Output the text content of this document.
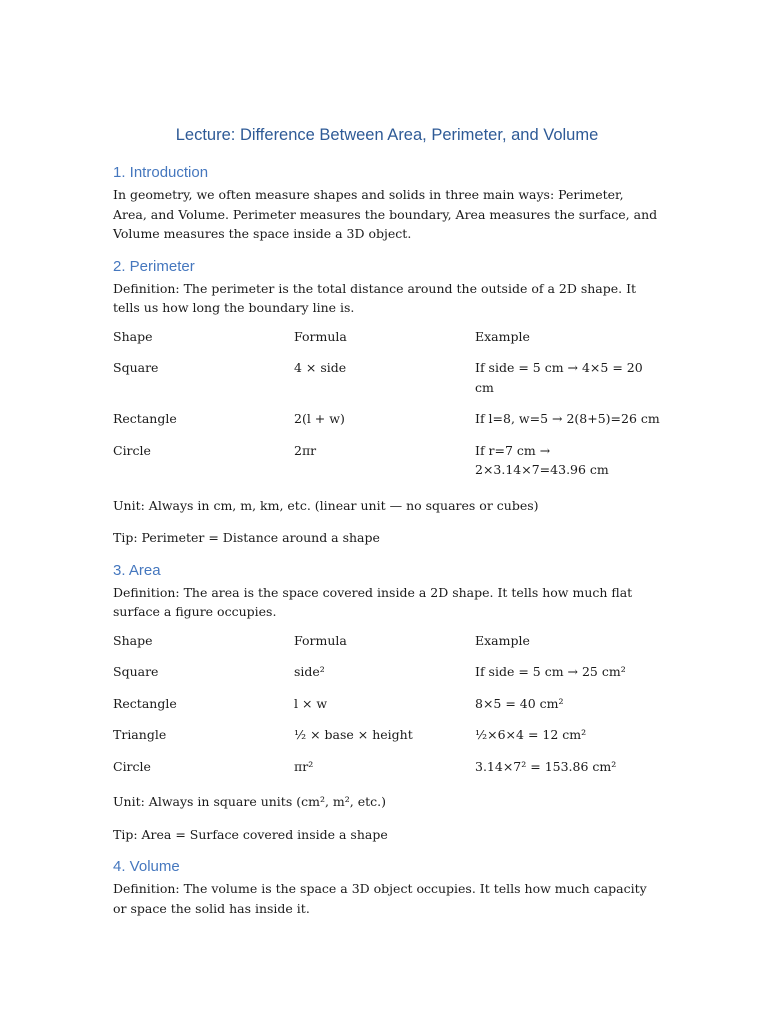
Lecture: Difference Between Area, Perimeter, and Volume
1. Introduction

In geometry, we often measure shapes and solids in three main ways: Perimeter, Area, and Volume. Perimeter measures the boundary, Area measures the surface, and Volume measures the space inside a 3D object.

2. Perimeter

Definition: The perimeter is the total distance around the outside of a 2D shape. It tells us how long the boundary line is.

Shape	Formula	Example
Square	4 × side	If side = 5 cm → 4×5 = 20 cm
Rectangle	2(l + w)	If l=8, w=5 → 2(8+5)=26 cm
Circle	2πr	If r=7 cm → 2×3.14×7=43.96 cm

Unit: Always in cm, m, km, etc. (linear unit — no squares or cubes)

Tip: Perimeter = Distance around a shape

3. Area

Definition: The area is the space covered inside a 2D shape. It tells how much flat surface a figure occupies.

Shape	Formula	Example
Square	side²	If side = 5 cm → 25 cm²
Rectangle	l × w	8×5 = 40 cm²
Triangle	½ × base × height	½×6×4 = 12 cm²
Circle	πr²	3.14×7² = 153.86 cm²

Unit: Always in square units (cm², m², etc.)

Tip: Area = Surface covered inside a shape

4. Volume

Definition: The volume is the space a 3D object occupies. It tells how much capacity or space the solid has inside it.
